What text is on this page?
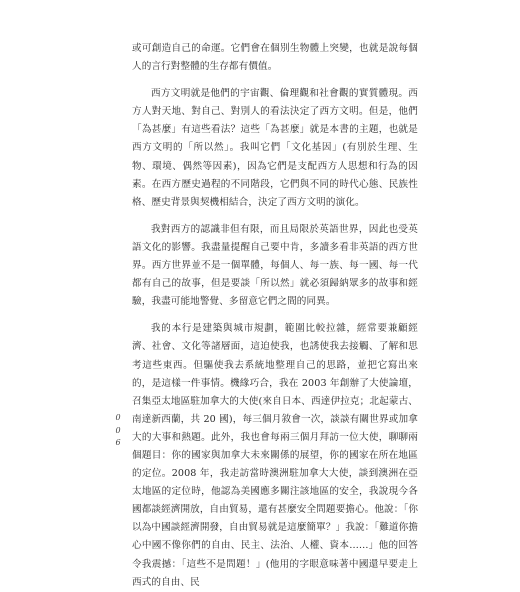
或可創造自己的命運。它們會在個別生物體上突變，也就是說每個人的言行對整體的生存都有價值。

西方文明就是他們的宇宙觀、倫理觀和社會觀的實質體現。西方人對天地、對自己、對別人的看法決定了西方文明。但是，他們「為甚麼」有這些看法？這些「為甚麼」就是本書的主題，也就是西方文明的「所以然」。我叫它們「文化基因」(有別於生理、生物、環境、偶然等因素)，因為它們是支配西方人思想和行為的因素。在西方歷史過程的不同階段，它們與不同的時代心態、民族性格、歷史背景與契機相結合，決定了西方文明的演化。

我對西方的認識非但有限，而且局限於英語世界，因此也受英語文化的影響。我盡量提醒自己要中肯，多讀多看非英語的西方世界。西方世界並不是一個單體，每個人、每一族、每一國、每一代都有自己的故事，但是要談「所以然」就必須歸納眾多的故事和經驗，我盡可能地警覺、多留意它們之間的同異。

我的本行是建築與城市規劃，範圍比較拉雜，經常要兼顧經濟、社會、文化等諸層面，這迫使我，也誘使我去接觸、了解和思考這些東西。但驅使我去系統地整理自己的思路，並把它寫出來的，是這樣一件事情。機緣巧合，我在 2003 年創辦了大使論壇，召集亞太地區駐加拿大的大使(來自日本、西達伊拉克；北起蒙古、南達新西蘭，共 20 國)，每三個月敘會一次，談談有關世界或加拿大的大事和熱題。此外，我也會每兩三個月拜訪一位大使，聊聊兩個題目：你的國家與加拿大未來關係的展望，你的國家在所在地區的定位。2008 年，我走訪當時澳洲駐加拿大大使，談到澳洲在亞太地區的定位時，他認為美國應多關注該地區的安全，我說現今各國都談經濟開放，自由貿易，還有甚麼安全問題要擔心。他說：「你以為中國談經濟開發，自由貿易就是這麼簡單？」我說：「難道你擔心中國不像你們的自由、民主、法治、人權、資本……」他的回答令我震撼：「這些不是問題！」(他用的字眼意味著中國還早要走上西式的自由、民

0
0
6
